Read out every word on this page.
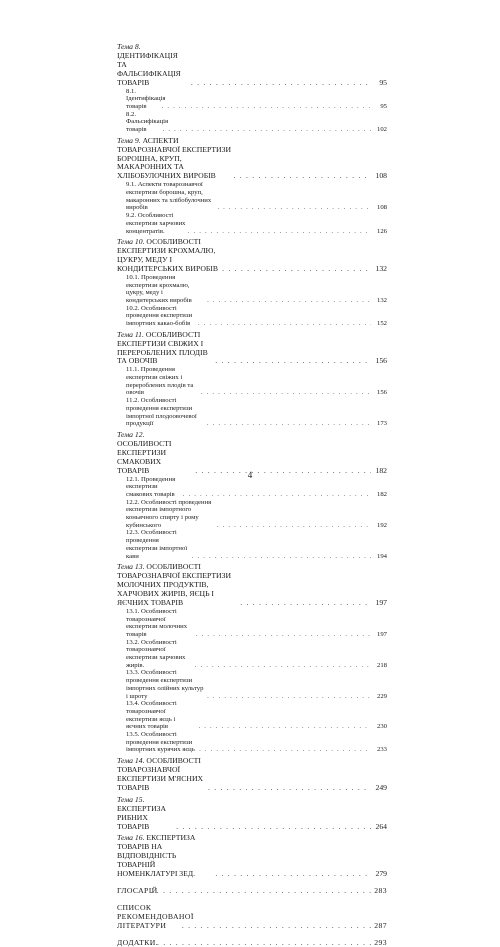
Тема 8. ІДЕНТИФІКАЦІЯ ТА ФАЛЬСИФІКАЦІЯ ТОВАРІВ . . .	95
8.1. Ідентифікація товарів . . .	95
8.2. Фальсифікація товарів . . .	102
Тема 9. АСПЕКТИ ТОВАРОЗНАВЧОЇ ЕКСПЕРТИЗИ БОРОШНА, КРУП, МАКАРОННИХ ТА ХЛІБОБУЛОЧНИХ ВИРОБІВ . . .	108
9.1. Аспекти товарознавчої експертизи борошна, круп, макаронних та хлібобулочних виробів . . .	108
9.2. Особливості експертизи харчових концентратів. . . .	126
Тема 10. ОСОБЛИВОСТІ ЕКСПЕРТИЗИ КРОХМАЛЮ, ЦУКРУ, МЕДУ І КОНДИТЕРСЬКИХ ВИРОБІВ . . .	132
10.1. Проведення експертизи крохмалю, цукру, меду і кондитерських виробів . . .	132
10.2. Особливості проведення експертизи імпортних какао-бобів . . .	152
Тема 11. ОСОБЛИВОСТІ ЕКСПЕРТИЗИ СВІЖИХ І ПЕРЕРОБЛЕНИХ ПЛОДІВ ТА ОВОЧІВ . . .	156
11.1. Проведення експертизи свіжих і перероблених плодів та овочів . . .	156
11.2. Особливості проведення експертизи імпортної плодоовочевої продукції . . .	173
Тема 12. ОСОБЛИВОСТІ ЕКСПЕРТИЗИ СМАКОВИХ ТОВАРІВ . . .	182
12.1. Проведення експертизи смакових товарів . . .	182
12.2. Особливості проведення експертизи імпортного коньячного спирту і рому кубинського . . .	192
12.3. Особливості проведення експертизи імпортної кави . . .	194
Тема 13. ОСОБЛИВОСТІ ТОВАРОЗНАВЧОЇ ЕКСПЕРТИЗИ МОЛОЧНИХ ПРОДУКТІВ, ХАРЧОВИХ ЖИРІВ, ЯЄЦЬ І ЯЄЧНИХ ТОВАРІВ . . .	197
13.1. Особливості товарознавчої експертизи молочних товарів . . .	197
13.2. Особливості товарознавчої експертизи харчових жирів. . . .	218
13.3. Особливості проведення експертизи імпортних олійних культур і шроту . . .	229
13.4. Особливості товарознавчої експертизи яєць і яєчних товарів . . .	230
13.5. Особливості проведення експертизи імпортних курячих яєць . . .	233
Тема 14. ОСОБЛИВОСТІ ТОВАРОЗНАВЧОЇ ЕКСПЕРТИЗИ М'ЯСНИХ ТОВАРІВ . . .	249
Тема 15. ЕКСПЕРТИЗА РИБНИХ ТОВАРІВ . . .	264
Тема 16. ЕКСПЕРТИЗА ТОВАРІВ НА ВІДПОВІДНІСТЬ ТОВАРНІЙ НОМЕНКЛАТУРІ ЗЕД. . . .	279
ГЛОСАРІЙ . . .	283
СПИСОК РЕКОМЕНДОВАНОЇ ЛІТЕРАТУРИ . . .	287
ДОДАТКИ. . . .	293
4
